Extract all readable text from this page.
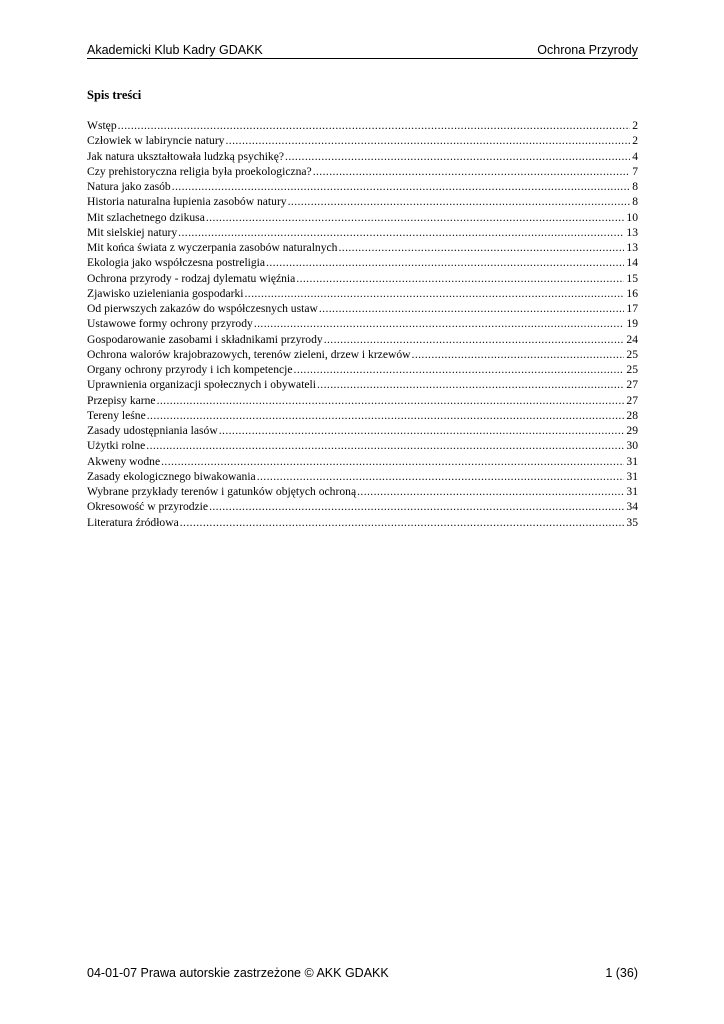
Akademicki Klub Kadry GDAKK	Ochrona Przyrody
Spis treści
Wstęp .....	2
Człowiek w labiryncie natury .....	2
Jak natura ukształtowała ludzką psychikę? .....	4
Czy prehistoryczna religia była proekologiczna? .....	7
Natura jako zasób .....	8
Historia naturalna łupienia zasobów natury .....	8
Mit szlachetnego dzikusa .....	10
Mit sielskiej natury .....	13
Mit końca świata z wyczerpania zasobów naturalnych .....	13
Ekologia jako współczesna postreligia .....	14
Ochrona przyrody - rodzaj dylematu więźnia .....	15
Zjawisko uzieleniania gospodarki .....	16
Od pierwszych zakazów do współczesnych ustaw .....	17
Ustawowe formy ochrony przyrody .....	19
Gospodarowanie zasobami i składnikami przyrody .....	24
Ochrona walorów krajobrazowych, terenów zieleni, drzew i krzewów .....	25
Organy ochrony przyrody i ich kompetencje .....	25
Uprawnienia organizacji społecznych i obywateli .....	27
Przepisy karne .....	27
Tereny leśne .....	28
Zasady udostępniania lasów .....	29
Użytki rolne .....	30
Akweny wodne .....	31
Zasady ekologicznego biwakowania .....	31
Wybrane przykłady terenów i gatunków objętych ochroną .....	31
Okresowość w przyrodzie .....	34
Literatura źródłowa .....	35
04-01-07 Prawa autorskie zastrzeżone © AKK GDAKK	1 (36)
